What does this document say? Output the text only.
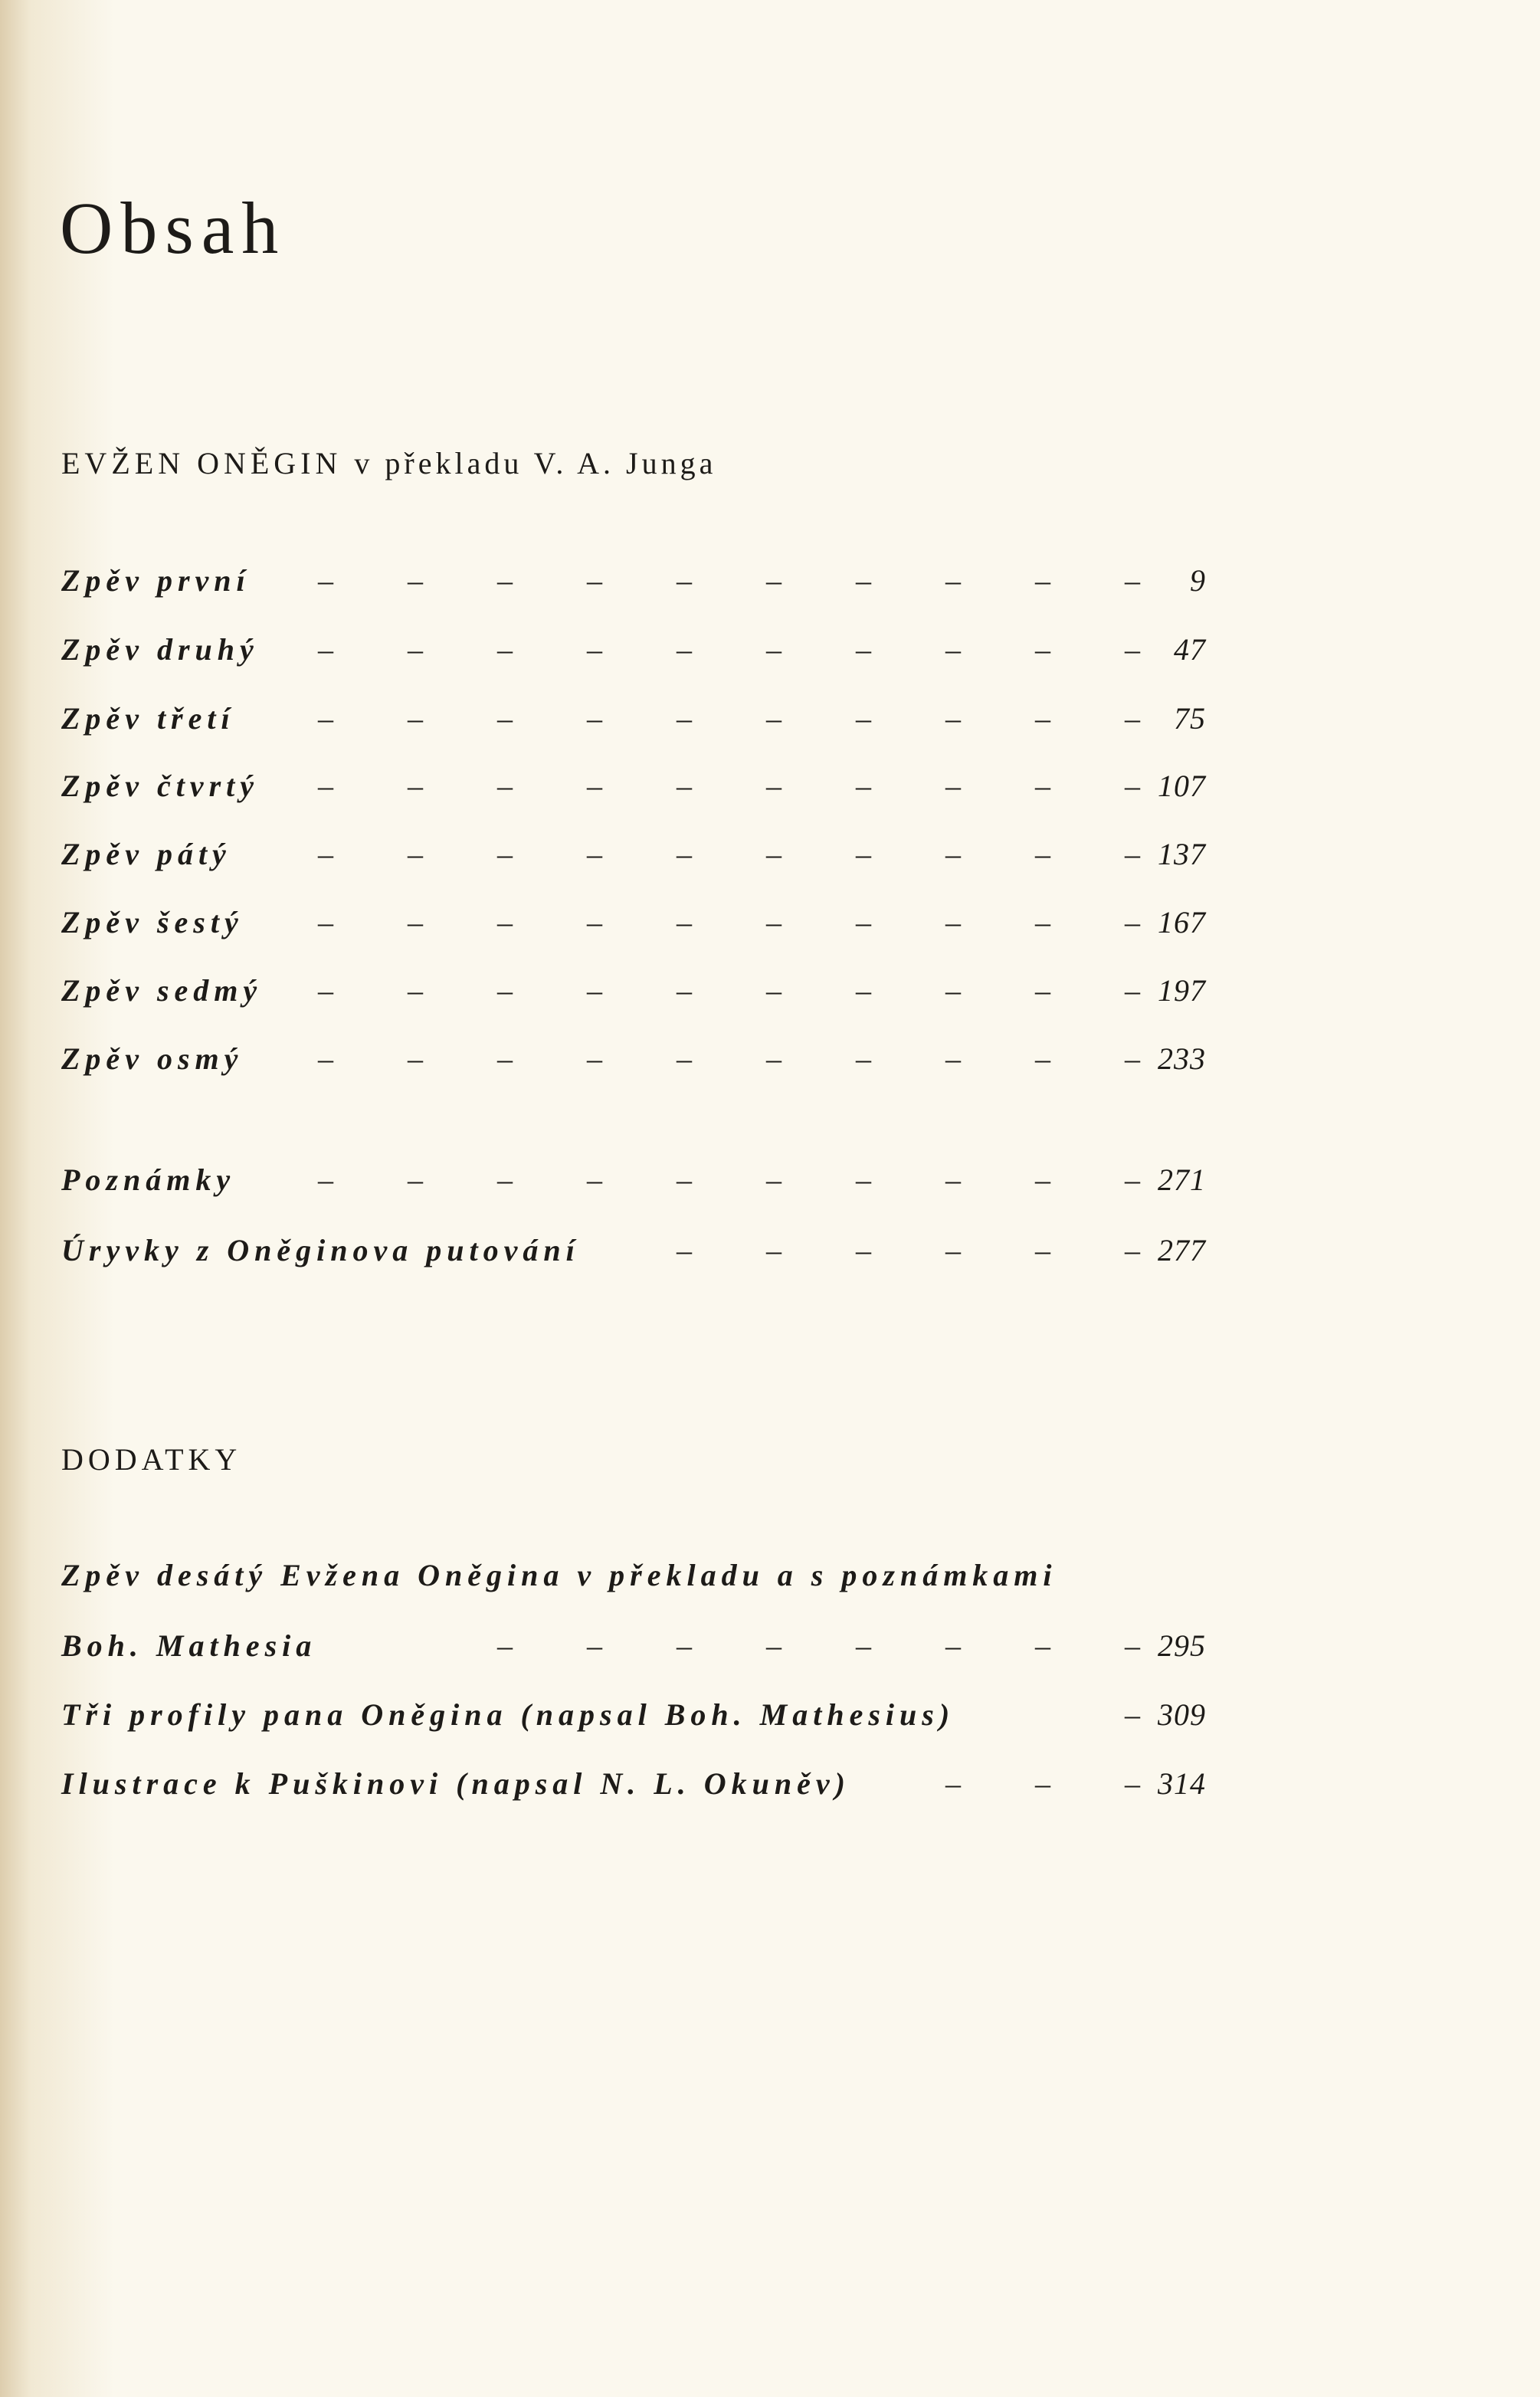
Obsah
EVŽEN ONĚGIN v překladu V. A. Junga
Zpěv první	– – – – – – – – – –	9
Zpěv druhý	– – – – – – – – – –	47
Zpěv třetí	– – – – – – – – – –	75
Zpěv čtvrtý	– – – – – – – – – – 107
Zpěv pátý	– – – – – – – – – – 137
Zpěv šestý	– – – – – – – – – – 167
Zpěv sedmý	– – – – – – – – – – 197
Zpěv osmý	– – – – – – – – – – 233
Poznámky	– – – – – – – – – – 271
Úryvky z Oněginova putování	– – – – – – 277
DODATKY
Zpěv desátý Evžena Oněgina v překladu a s poznámkami
Boh. Mathesia	– – – – – – – – 295
Tři profily pana Oněgina (napsal Boh. Mathesius)	– 309
Ilustrace k Puškinovi (napsal N. L. Okuněv)	– – – 314
